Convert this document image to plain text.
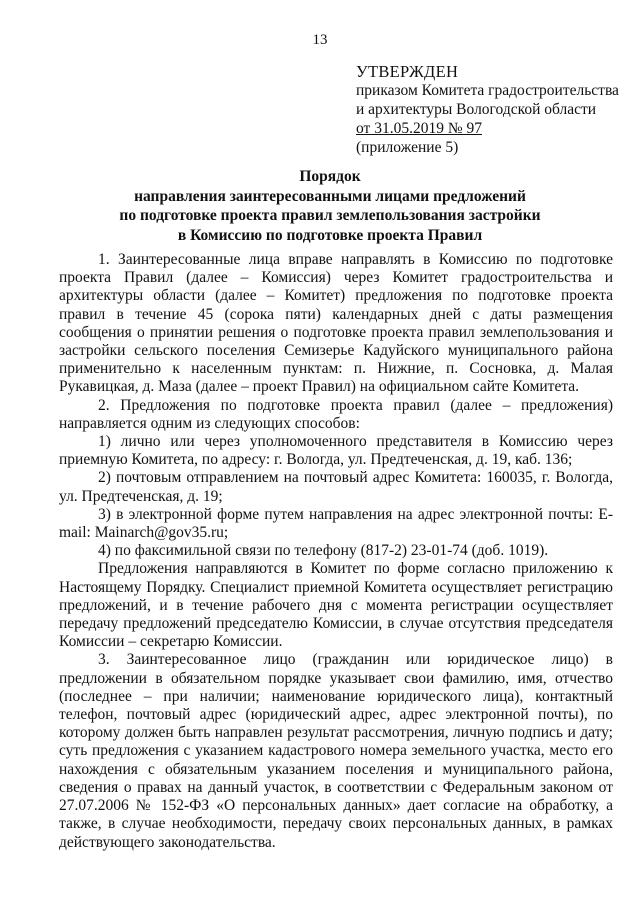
13
УТВЕРЖДЕН
приказом Комитета градостроительства
и архитектуры Вологодской области
от 31.05.2019 № 97
(приложение 5)
Порядок
направления заинтересованными лицами предложений
по подготовке проекта правил землепользования застройки
в Комиссию по подготовке проекта Правил

1. Заинтересованные лица вправе направлять в Комиссию по подготовке проекта Правил (далее – Комиссия) через Комитет градостроительства и архитектуры области (далее – Комитет) предложения по подготовке проекта правил в течение 45 (сорока пяти) календарных дней с даты размещения сообщения о принятии решения о подготовке проекта правил землепользования и застройки сельского поселения Семизерье Кадуйского муниципального района применительно к населенным пунктам: п. Нижние, п. Сосновка, д. Малая Рукавицкая, д. Маза (далее – проект Правил) на официальном сайте Комитета.

2. Предложения по подготовке проекта правил (далее – предложения) направляется одним из следующих способов:

1) лично или через уполномоченного представителя в Комиссию через приемную Комитета, по адресу: г. Вологда, ул. Предтеченская, д. 19, каб. 136;

2) почтовым отправлением на почтовый адрес Комитета: 160035, г. Вологда, ул. Предтеченская, д. 19;

3) в электронной форме путем направления на адрес электронной почты: E-mail: Mainarch@gov35.ru;

4) по факсимильной связи по телефону (817-2) 23-01-74 (доб. 1019).

Предложения направляются в Комитет по форме согласно приложению к Настоящему Порядку. Специалист приемной Комитета осуществляет регистрацию предложений, и в течение рабочего дня с момента регистрации осуществляет передачу предложений председателю Комиссии, в случае отсутствия председателя Комиссии – секретарю Комиссии.

3. Заинтересованное лицо (гражданин или юридическое лицо) в предложении в обязательном порядке указывает свои фамилию, имя, отчество (последнее – при наличии; наименование юридического лица), контактный телефон, почтовый адрес (юридический адрес, адрес электронной почты), по которому должен быть направлен результат рассмотрения, личную подпись и дату; суть предложения с указанием кадастрового номера земельного участка, место его нахождения с обязательным указанием поселения и муниципального района, сведения о правах на данный участок, в соответствии с Федеральным законом от 27.07.2006 № 152-ФЗ «О персональных данных» дает согласие на обработку, а также, в случае необходимости, передачу своих персональных данных, в рамках действующего законодательства.
